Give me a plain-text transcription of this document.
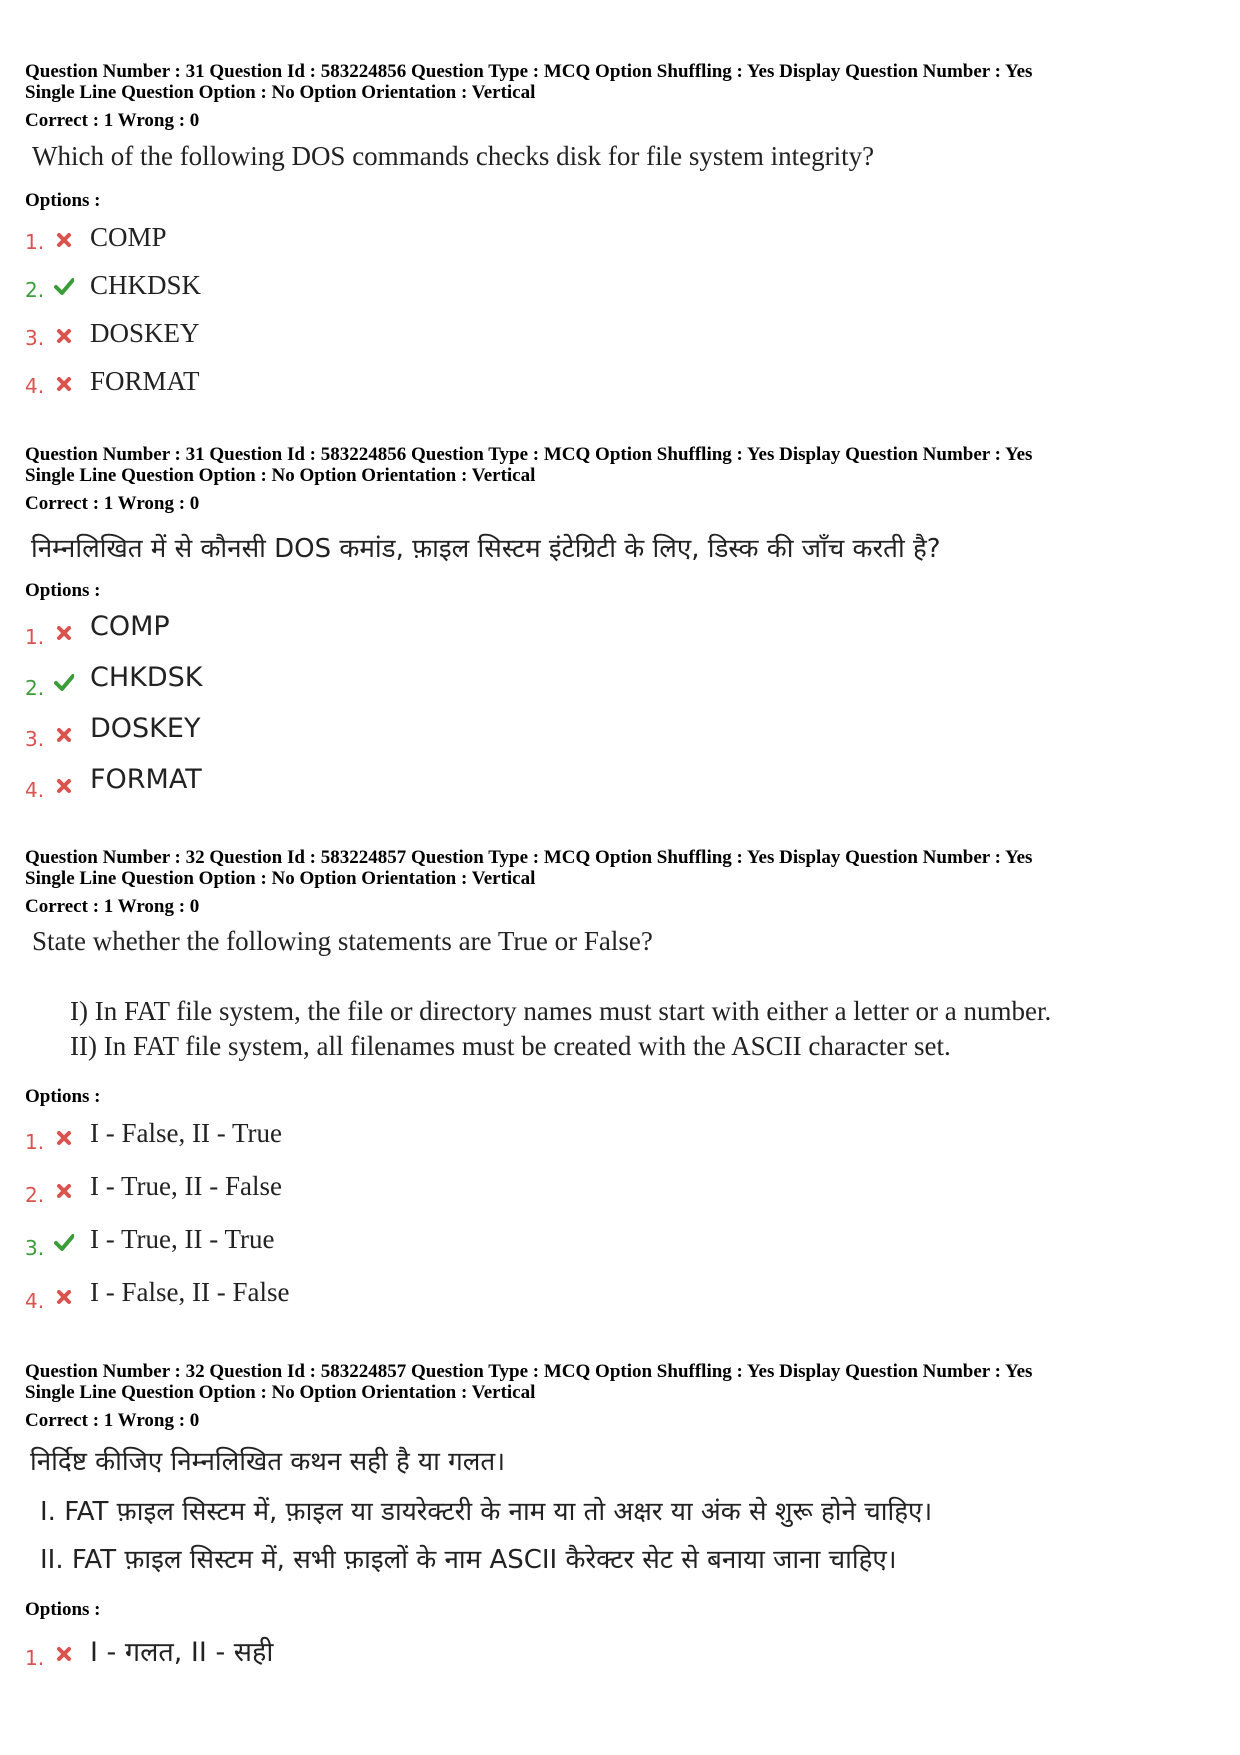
Question Number : 31 Question Id : 583224856 Question Type : MCQ Option Shuffling : Yes Display Question Number : Yes
Single Line Question Option : No Option Orientation : Vertical
Correct : 1 Wrong : 0
Which of the following DOS commands checks disk for file system integrity?
Options :
1. COMP
2. CHKDSK
3. DOSKEY
4. FORMAT
Question Number : 31 Question Id : 583224856 Question Type : MCQ Option Shuffling : Yes Display Question Number : Yes
Single Line Question Option : No Option Orientation : Vertical
Correct : 1 Wrong : 0
निम्नलिखित में से कौनसी DOS कमांड, फ़ाइल सिस्टम इंटेग्रिटी के लिए, डिस्क की जाँच करती है?
Options :
1. COMP
2. CHKDSK
3. DOSKEY
4. FORMAT
Question Number : 32 Question Id : 583224857 Question Type : MCQ Option Shuffling : Yes Display Question Number : Yes
Single Line Question Option : No Option Orientation : Vertical
Correct : 1 Wrong : 0
State whether the following statements are True or False?
I) In FAT file system, the file or directory names must start with either a letter or a number.
II) In FAT file system, all filenames must be created with the ASCII character set.
Options :
1. I - False, II - True
2. I - True, II - False
3. I - True, II - True
4. I - False, II - False
Question Number : 32 Question Id : 583224857 Question Type : MCQ Option Shuffling : Yes Display Question Number : Yes
Single Line Question Option : No Option Orientation : Vertical
Correct : 1 Wrong : 0
निर्दिष्ट कीजिए निम्नलिखित कथन सही है या गलत।
I. FAT फ़ाइल सिस्टम में, फ़ाइल या डायरेक्टरी के नाम या तो अक्षर या अंक से शुरू होने चाहिए।
II. FAT फ़ाइल सिस्टम में, सभी फ़ाइलों के नाम ASCII कैरेक्टर सेट से बनाया जाना चाहिए।
Options :
1. I - गलत, II - सही
